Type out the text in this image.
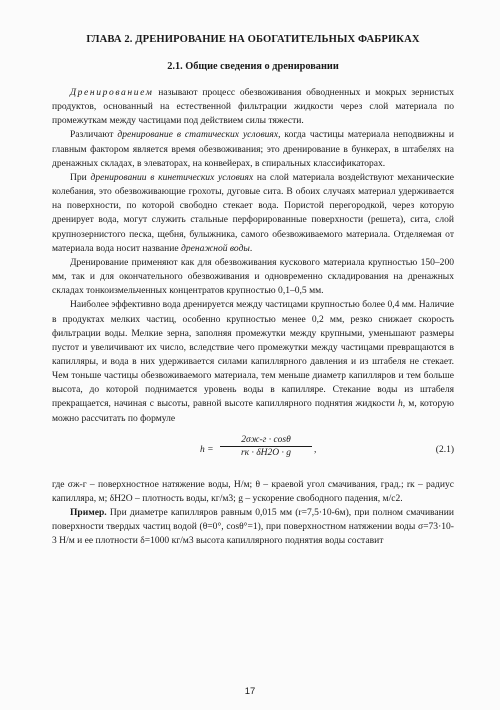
ГЛАВА 2. ДРЕНИРОВАНИЕ НА ОБОГАТИТЕЛЬНЫХ ФАБРИКАХ
2.1. Общие сведения о дренировании

Дренированием называют процесс обезвоживания обводненных и мокрых зернистых продуктов, основанный на естественной фильтрации жидкости через слой материала по промежуткам между частицами под действием силы тяжести.

Различают дренирование в статических условиях, когда частицы материала неподвижны и главным фактором является время обезвоживания; это дренирование в бункерах, в штабелях на дренажных складах, в элеваторах, на конвейерах, в спиральных классификаторах.

При дренировании в кинетических условиях на слой материала воздействуют механические колебания, это обезвоживающие грохоты, дуговые сита. В обоих случаях материал удерживается на поверхности, по которой свободно стекает вода. Пористой перегородкой, через которую дренирует вода, могут служить стальные перфорированные поверхности (решета), сита, слой крупнозернистого песка, щебня, булыжника, самого обезвоживаемого материала. Отделяемая от материала вода носит название дренажной воды.

Дренирование применяют как для обезвоживания кускового материала крупностью 150–200 мм, так и для окончательного обезвоживания и одновременно складирования на дренажных складах тонкоизмельченных концентратов крупностью 0,1–0,5 мм.

Наиболее эффективно вода дренируется между частицами крупностью более 0,4 мм. Наличие в продуктах мелких частиц, особенно крупностью менее 0,2 мм, резко снижает скорость фильтрации воды. Мелкие зерна, заполняя промежутки между крупными, уменьшают размеры пустот и увеличивают их число, вследствие чего промежутки между частицами превращаются в капилляры, и вода в них удерживается силами капиллярного давления и из штабеля не стекает. Чем тоньше частицы обезвоживаемого материала, тем меньше диаметр капилляров и тем больше высота, до которой поднимается уровень воды в капилляре. Стекание воды из штабеля прекращается, начиная с высоты, равной высоте капиллярного поднятия жидкости h, м, которую можно рассчитать по формуле

h =
2σж-г · cosθ
rк · δH2O · g	,	(2.1)

где σж-г – поверхностное натяжение воды, Н/м; θ – краевой угол смачивания, град.; rк – радиус капилляра, м; δH2O – плотность воды, кг/м3; g – ускорение свободного падения, м/с2.

Пример. При диаметре капилляров равным 0,015 мм (r=7,5·10-6м), при полном смачивании поверхности твердых частиц водой (θ=0°, cosθ°=1), при поверхностном натяжении воды σ=73·10-3 Н/м и ее плотности δ=1000 кг/м3 высота капиллярного поднятия воды составит

17
